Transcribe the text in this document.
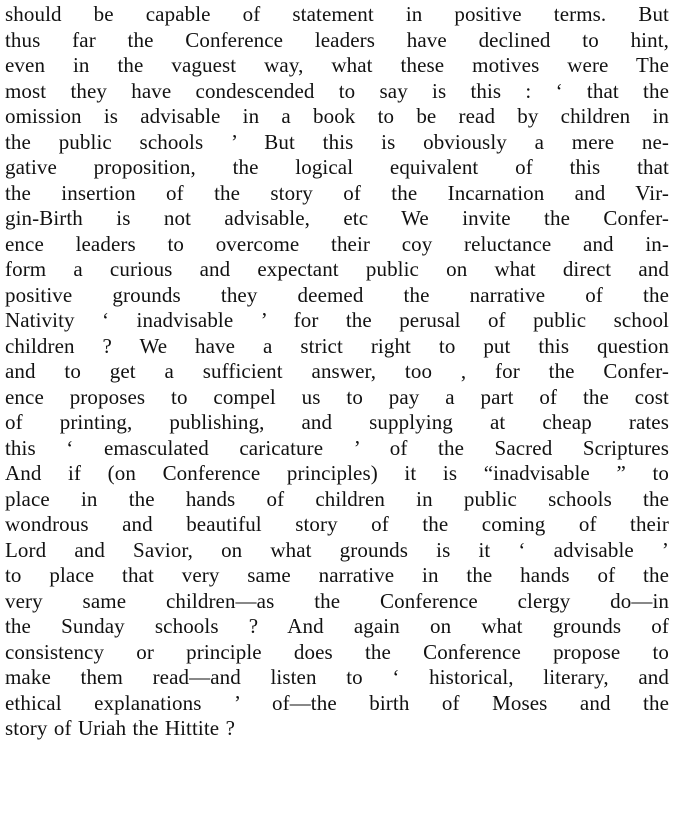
should be capable of statement in positive terms. But
thus far the Conference leaders have declined to hint,
even in the vaguest way, what these motives were The
most they have condescended to say is this : ‘ that the
omission is advisable in a book to be read by children in
the public schools ’ But this is obviously a mere ne-
gative proposition, the logical equivalent of this that
the insertion of the story of the Incarnation and Vir-
gin-Birth is not advisable, etc We invite the Confer-
ence leaders to overcome their coy reluctance and in-
form a curious and expectant public on what direct and
positive grounds they deemed the narrative of the
Nativity ‘ inadvisable ’ for the perusal of public school
children ? We have a strict right to put this question
and to get a sufficient answer, too , for the Confer-
ence proposes to compel us to pay a part of the cost
of printing, publishing, and supplying at cheap rates
this ‘ emasculated caricature ’ of the Sacred Scriptures
And if (on Conference principles) it is “inadvisable ” to
place in the hands of children in public schools the
wondrous and beautiful story of the coming of their
Lord and Savior, on what grounds is it ‘ advisable ’
to place that very same narrative in the hands of the
very same children—as the Conference clergy do—in
the Sunday schools ? And again on what grounds of
consistency or principle does the Conference propose to
make them read—and listen to ‘ historical, literary, and
ethical explanations ’ of—the birth of Moses and the
story of Uriah the Hittite ?
